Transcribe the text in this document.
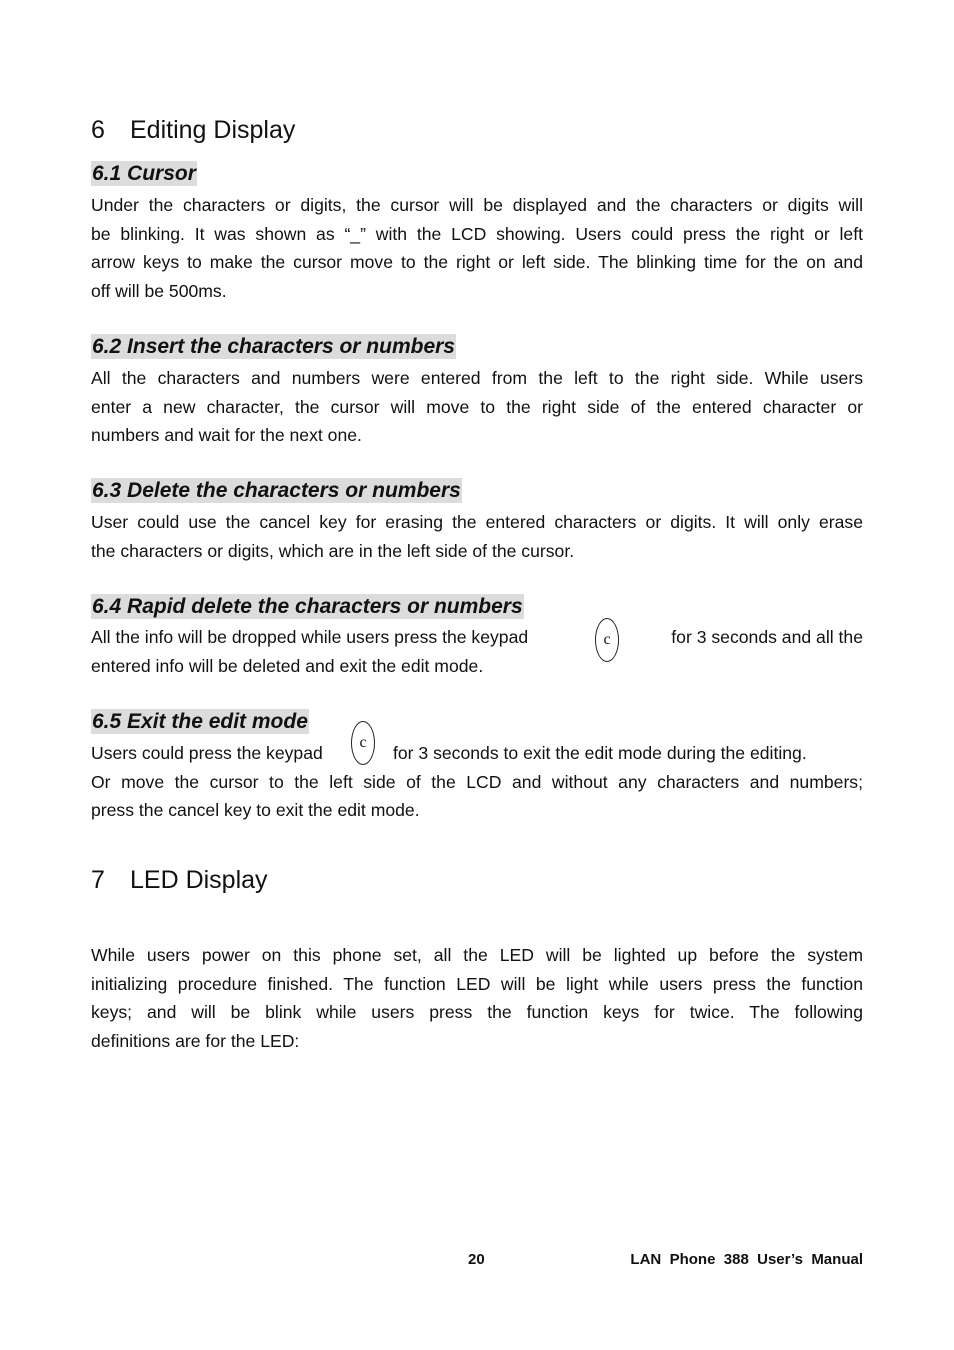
6 Editing Display
6.1 Cursor
Under the characters or digits, the cursor will be displayed and the characters or digits will
be blinking. It was shown as “_” with the LCD showing. Users could press the right or left
arrow keys to make the cursor move to the right or left side. The blinking time for the on and
off will be 500ms.
6.2 Insert the characters or numbers
All the characters and numbers were entered from the left to the right side. While users
enter a new character, the cursor will move to the right side of the entered character or
numbers and wait for the next one.
6.3 Delete the characters or numbers
User could use the cancel key for erasing the entered characters or digits. It will only erase
the characters or digits, which are in the left side of the cursor.
6.4 Rapid delete the characters or numbers
All the info will be dropped while users press the keypad	c	for 3 seconds and all the
entered info will be deleted and exit the edit mode.
6.5 Exit the edit mode
c
Users could press the keypad	for 3 seconds to exit the edit mode during the editing.
Or move the cursor to the left side of the LCD and without any characters and numbers;
press the cancel key to exit the edit mode.
7 LED Display
While users power on this phone set, all the LED will be lighted up before the system
initializing procedure finished. The function LED will be light while users press the function
keys; and will be blink while users press the function keys for twice. The following
definitions are for the LED:
20	LAN  Phone  388  User’s  Manual
